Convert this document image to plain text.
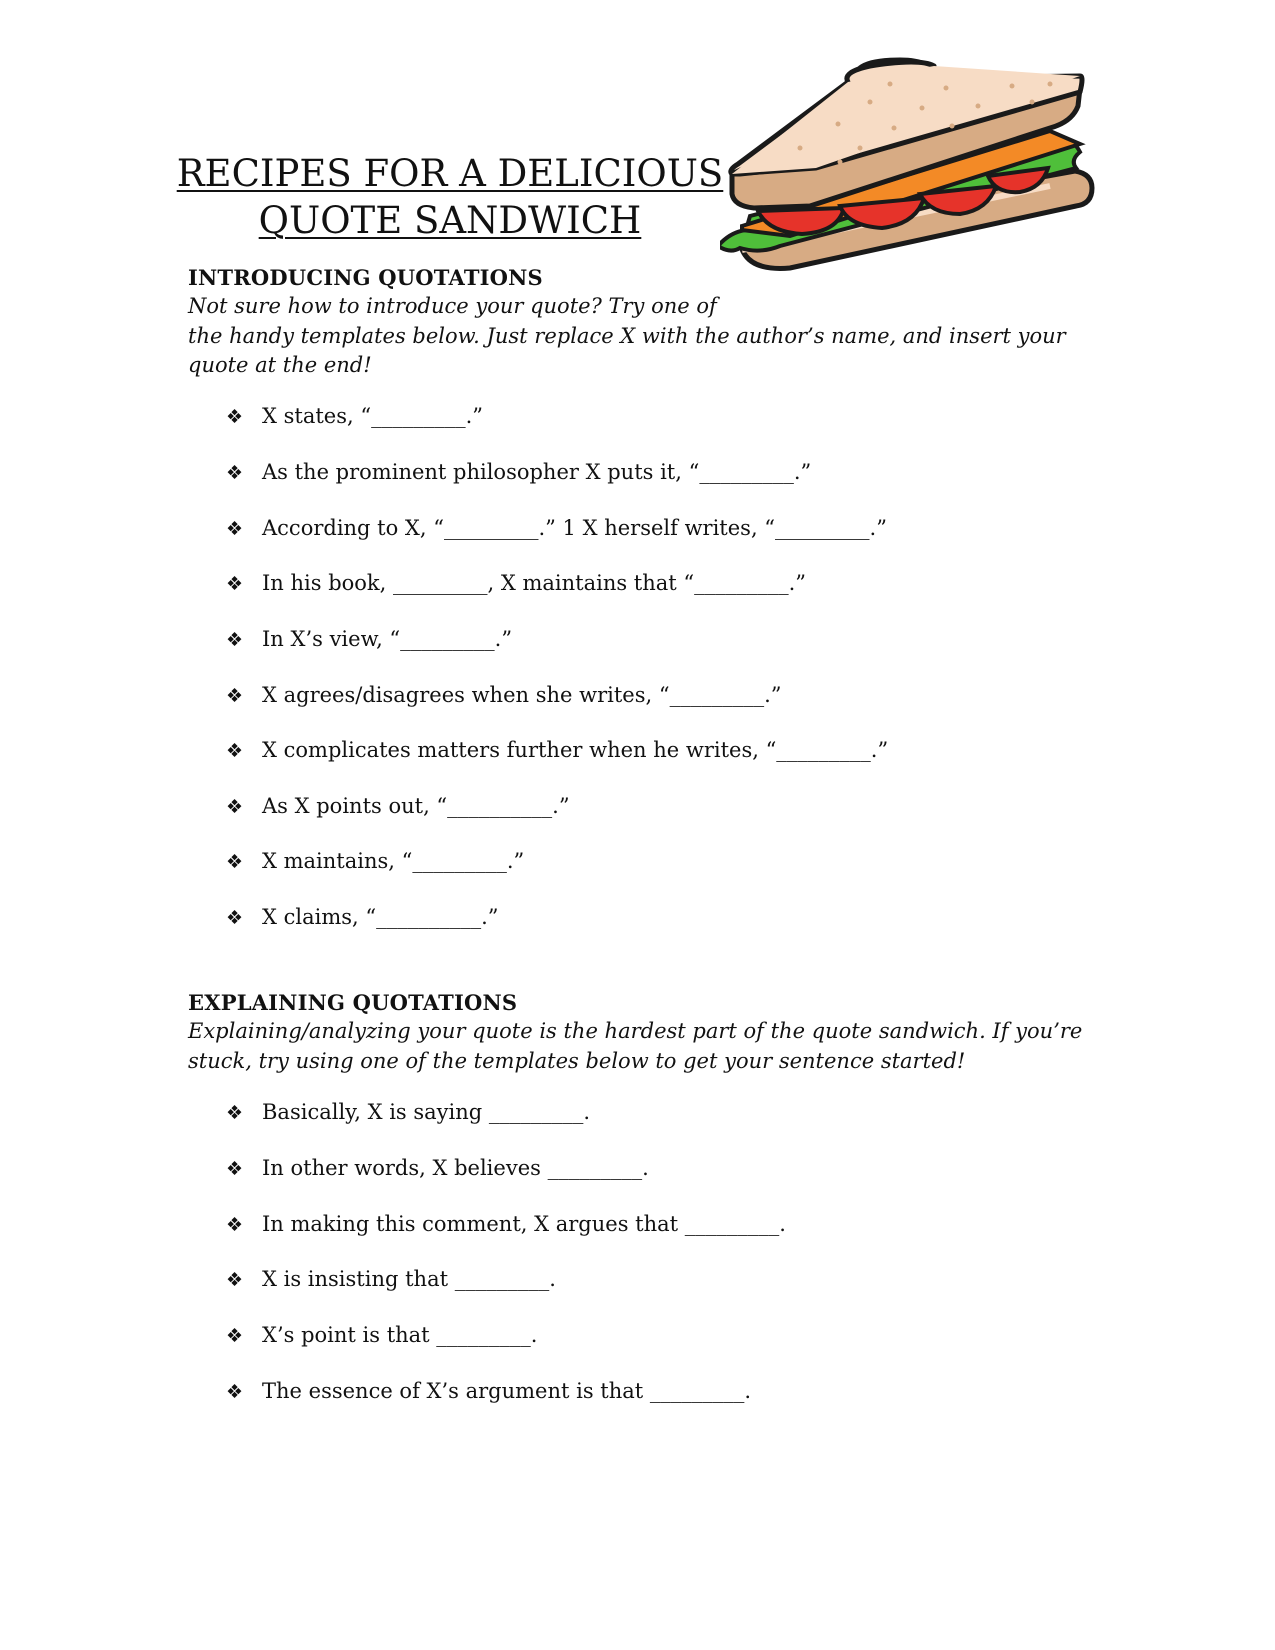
RECIPES FOR A DELICIOUS
QUOTE SANDWICH
INTRODUCING QUOTATIONS

Not sure how to introduce your quote? Try one of
the handy templates below. Just replace X with the author’s name, and insert your
quote at the end!

❖ X states, “_________.”
❖ As the prominent philosopher X puts it, “_________.”
❖ According to X, “_________.” 1 X herself writes, “_________.”
❖ In his book, _________, X maintains that “_________.”
❖ In X’s view, “_________.”
❖ X agrees/disagrees when she writes, “_________.”
❖ X complicates matters further when he writes, “_________.”
❖ As X points out, “__________.”
❖ X maintains, “_________.”
❖ X claims, “__________.”
EXPLAINING QUOTATIONS

Explaining/analyzing your quote is the hardest part of the quote sandwich. If you’re
stuck, try using one of the templates below to get your sentence started!

❖ Basically, X is saying _________.
❖ In other words, X believes _________.
❖ In making this comment, X argues that _________.
❖ X is insisting that _________.
❖ X’s point is that _________.
❖ The essence of X’s argument is that _________.
